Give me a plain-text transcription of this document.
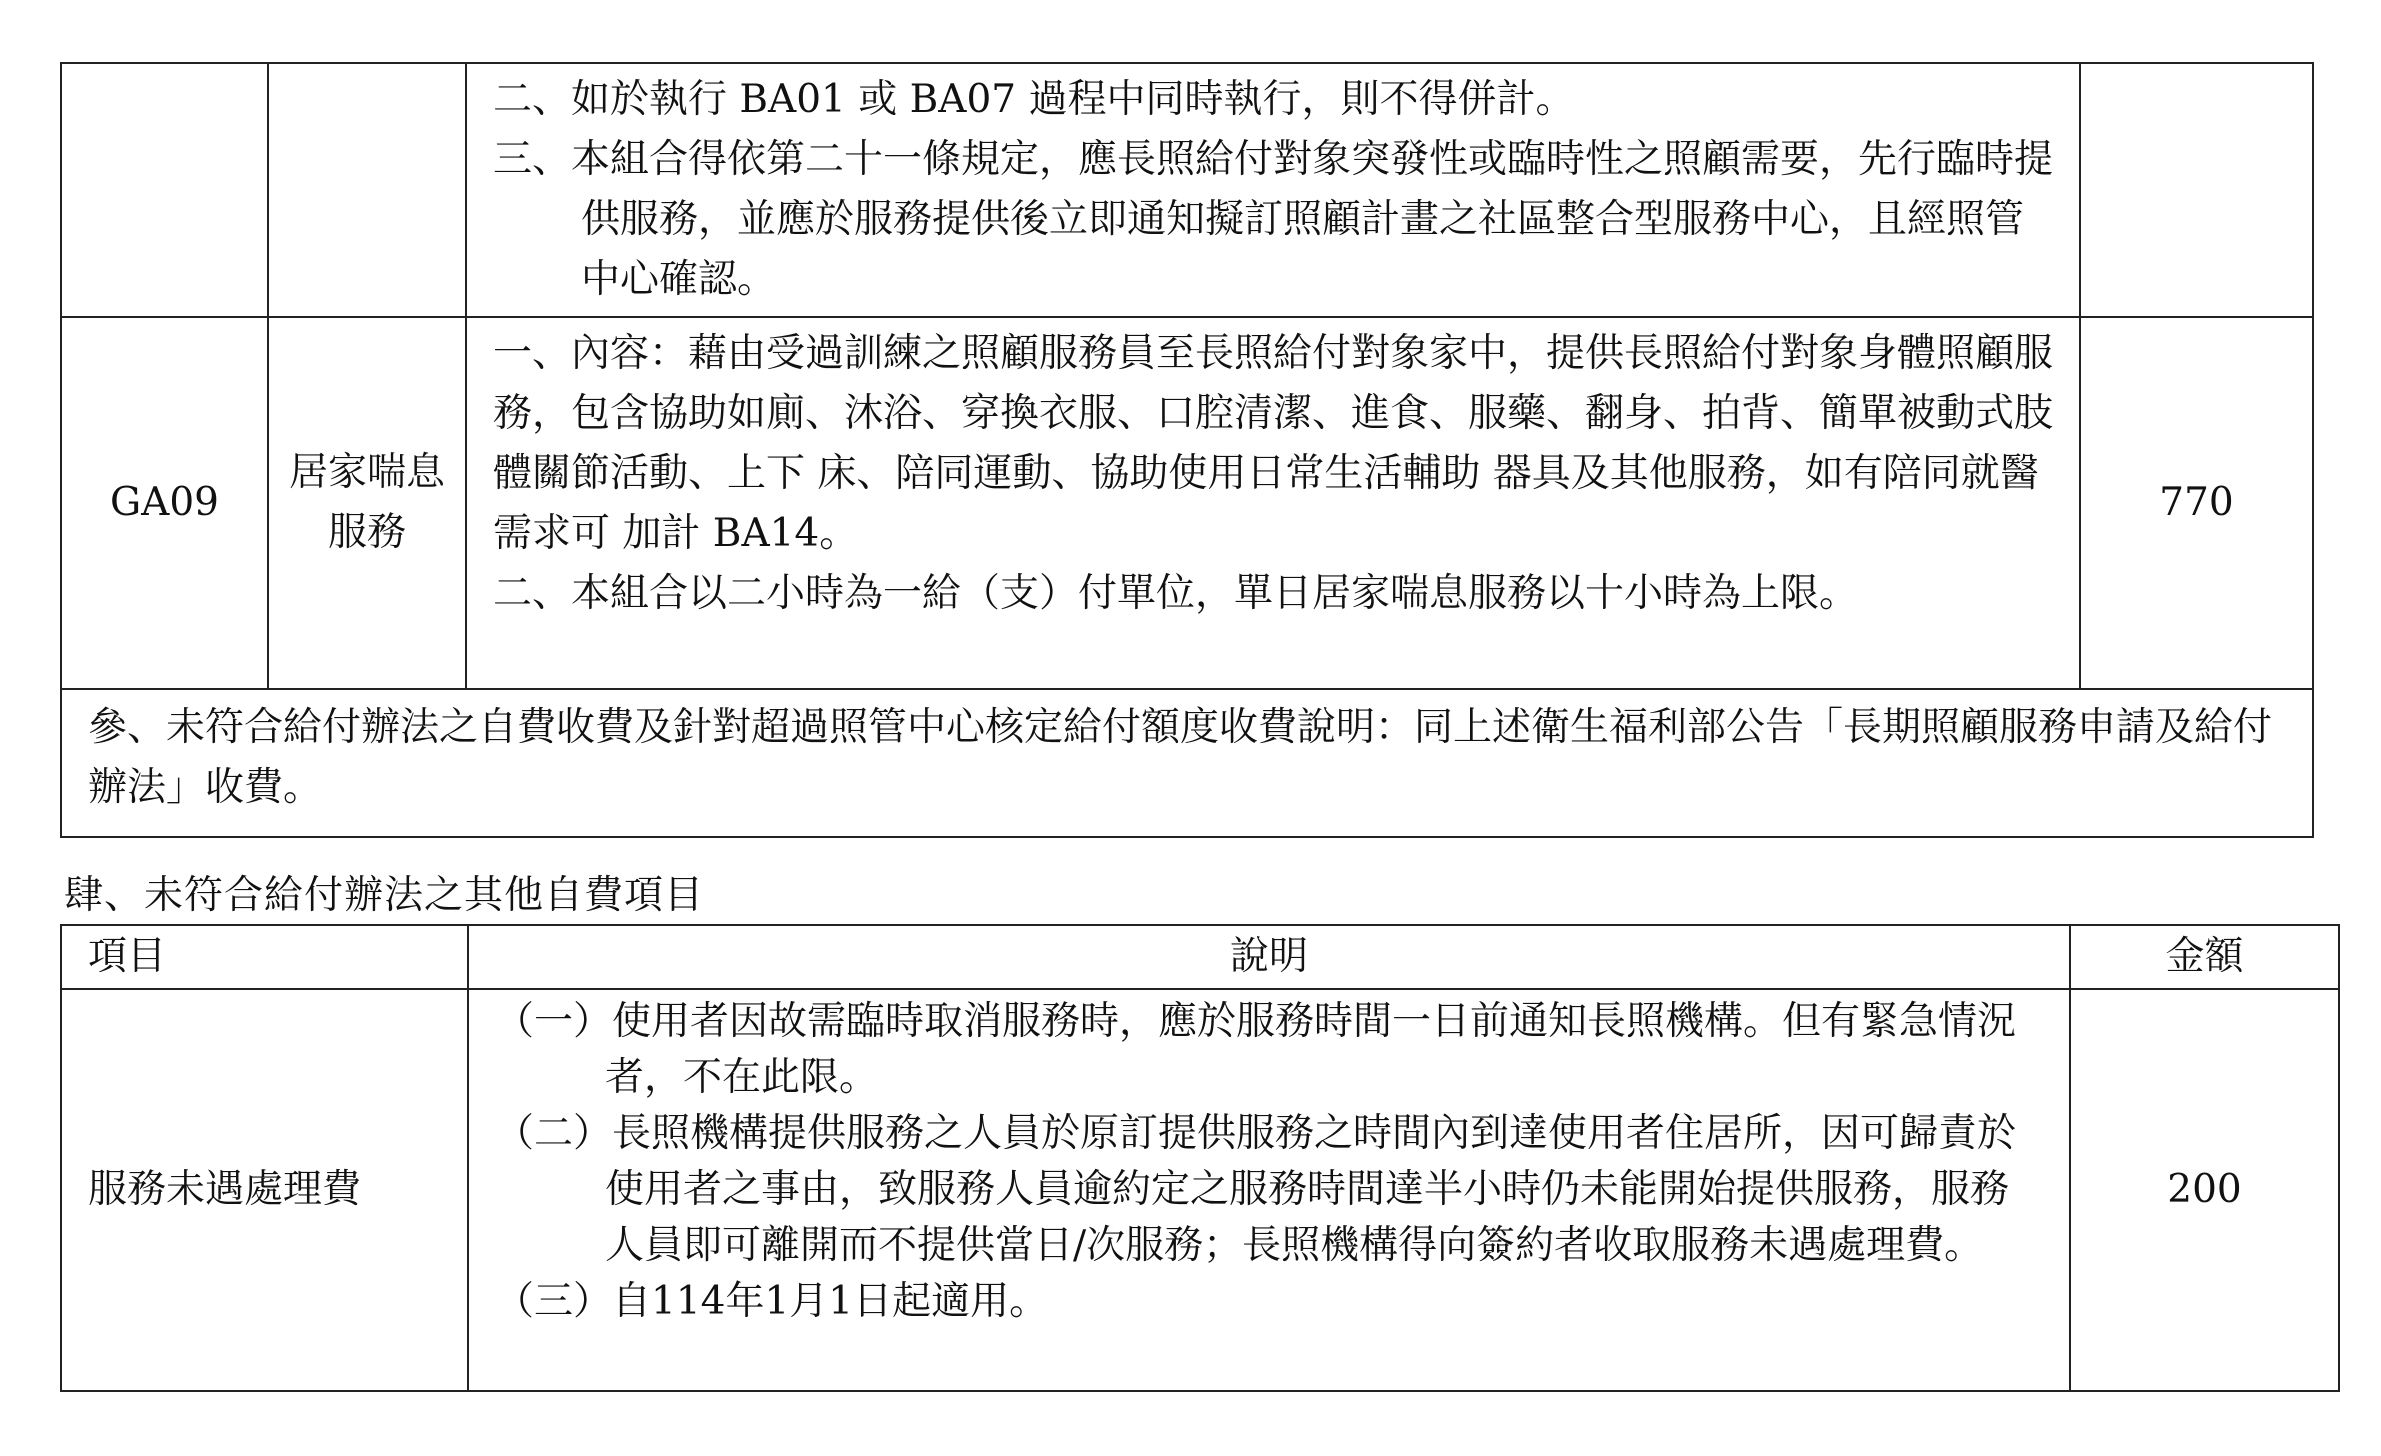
		二、如於執行 BA01 或 BA07 過程中同時執行，則不得併計。

三、本組合得依第二十一條規定，應長照給付對象突發性或臨時性之照顧需要，先行臨時提供服務，並應於服務提供後立即通知擬訂照顧計畫之社區整合型服務中心，且經照管中心確認。	

GA09	居家喘息服務	一、內容：藉由受過訓練之照顧服務員至長照給付對象家中，提供長照給付對象身體照顧服務，包含協助如廁、沐浴、穿換衣服、口腔清潔、進食、服藥、翻身、拍背、簡單被動式肢體關節活動、上下 床、陪同運動、協助使用日常生活輔助 器具及其他服務，如有陪同就醫需求可 加計 BA14。

二、本組合以二小時為一給（支）付單位，單日居家喘息服務以十小時為上限。	770
參、未符合給付辦法之自費收費及針對超過照管中心核定給付額度收費說明：同上述衛生福利部公告「長期照顧服務申請及給付辦法」收費。			
肆、未符合給付辦法之其他自費項目
項目	說明	金額
服務未遇處理費	（一）使用者因故需臨時取消服務時，應於服務時間一日前通知長照機構。但有緊急情況者，不在此限。

（二）長照機構提供服務之人員於原訂提供服務之時間內到達使用者住居所，因可歸責於使用者之事由，致服務人員逾約定之服務時間達半小時仍未能開始提供服務，服務人員即可離開而不提供當日/次服務；長照機構得向簽約者收取服務未遇處理費。

（三）自114年1月1日起適用。	200
